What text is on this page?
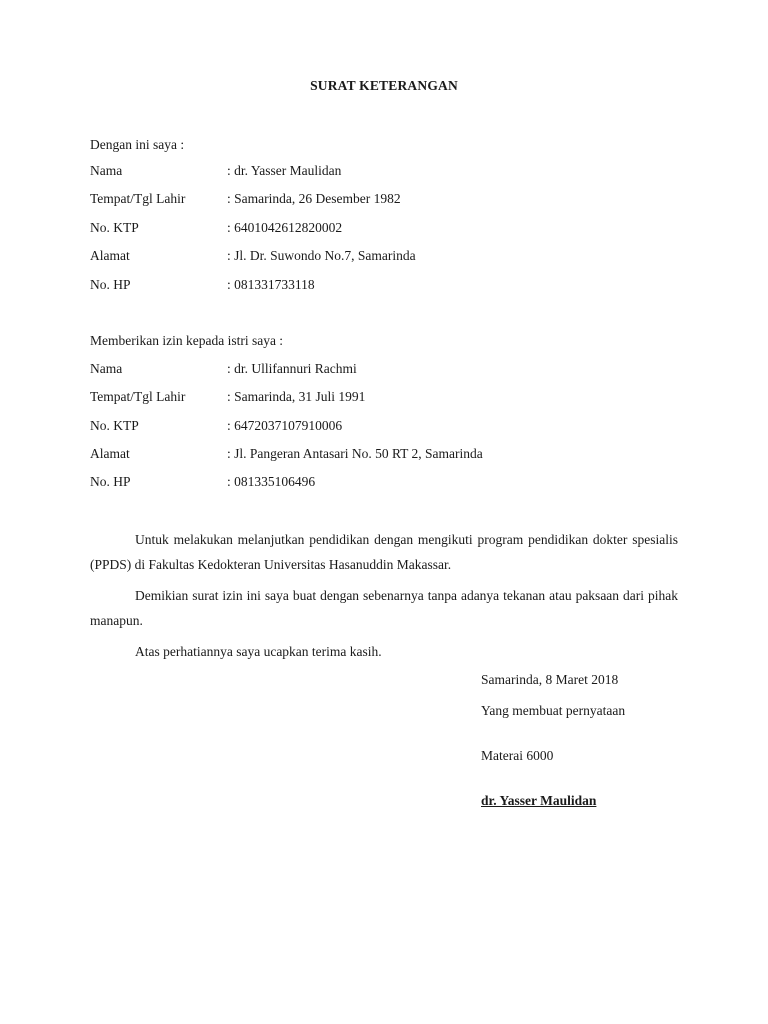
SURAT KETERANGAN
Dengan ini saya :
Nama	: dr. Yasser Maulidan
Tempat/Tgl Lahir	: Samarinda, 26 Desember 1982
No. KTP	: 6401042612820002
Alamat	: Jl. Dr. Suwondo No.7, Samarinda
No. HP	: 081331733118
Memberikan izin kepada istri saya :
Nama	: dr. Ullifannuri Rachmi
Tempat/Tgl Lahir	: Samarinda, 31 Juli 1991
No. KTP	: 6472037107910006
Alamat	: Jl. Pangeran Antasari No. 50 RT 2, Samarinda
No. HP	: 081335106496
Untuk melakukan melanjutkan pendidikan dengan mengikuti program pendidikan dokter spesialis (PPDS) di Fakultas Kedokteran Universitas Hasanuddin Makassar.
Demikian surat izin ini saya buat dengan sebenarnya tanpa adanya tekanan atau paksaan dari pihak manapun.
Atas perhatiannya saya ucapkan terima kasih.
Samarinda, 8 Maret 2018
Yang membuat pernyataan
Materai 6000
dr. Yasser Maulidan
